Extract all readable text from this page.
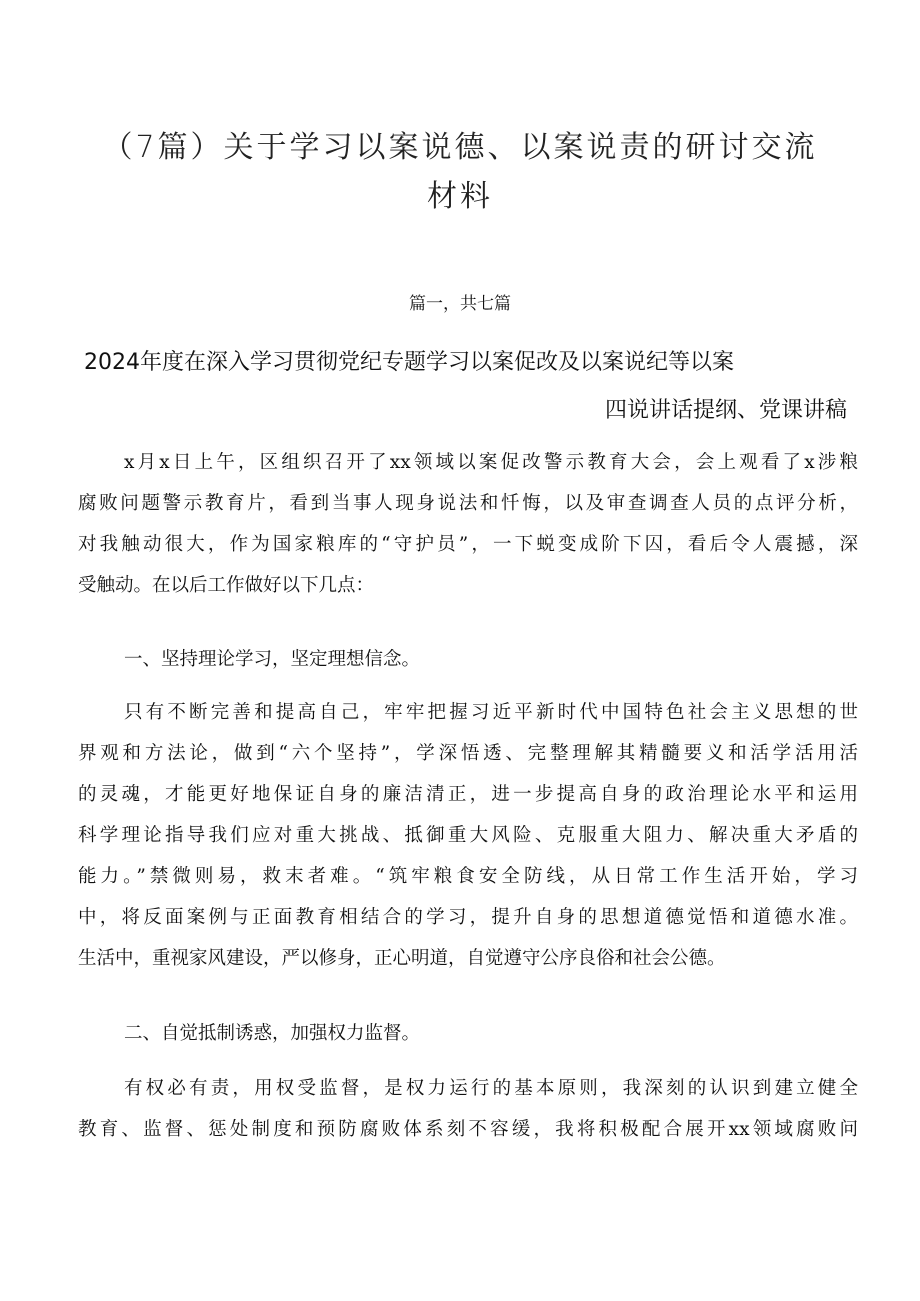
（7篇）关于学习以案说德、以案说责的研讨交流
材料
篇一，共七篇
2024年度在深入学习贯彻党纪专题学习以案促改及以案说纪等以案
四说讲话提纲、党课讲稿
x月x日上午，区组织召开了xx领域以案促改警示教育大会，会上观看了x涉粮
腐败问题警示教育片，看到当事人现身说法和忏悔，以及审查调查人员的点评分析，
对我触动很大，作为国家粮库的“守护员”，一下蜕变成阶下囚，看后令人震撼，深
受触动。在以后工作做好以下几点：
一、坚持理论学习，坚定理想信念。
只有不断完善和提高自己，牢牢把握习近平新时代中国特色社会主义思想的世
界观和方法论，做到“六个坚持”，学深悟透、完整理解其精髓要义和活学活用活
的灵魂，才能更好地保证自身的廉洁清正，进一步提高自身的政治理论水平和运用
科学理论指导我们应对重大挑战、抵御重大风险、克服重大阻力、解决重大矛盾的
能力。”禁微则易，救末者难。“筑牢粮食安全防线，从日常工作生活开始，学习
中，将反面案例与正面教育相结合的学习，提升自身的思想道德觉悟和道德水准。
生活中，重视家风建设，严以修身，正心明道，自觉遵守公序良俗和社会公德。
二、自觉抵制诱惑，加强权力监督。
有权必有责，用权受监督，是权力运行的基本原则，我深刻的认识到建立健全
教育、监督、惩处制度和预防腐败体系刻不容缓，我将积极配合展开xx领域腐败问
